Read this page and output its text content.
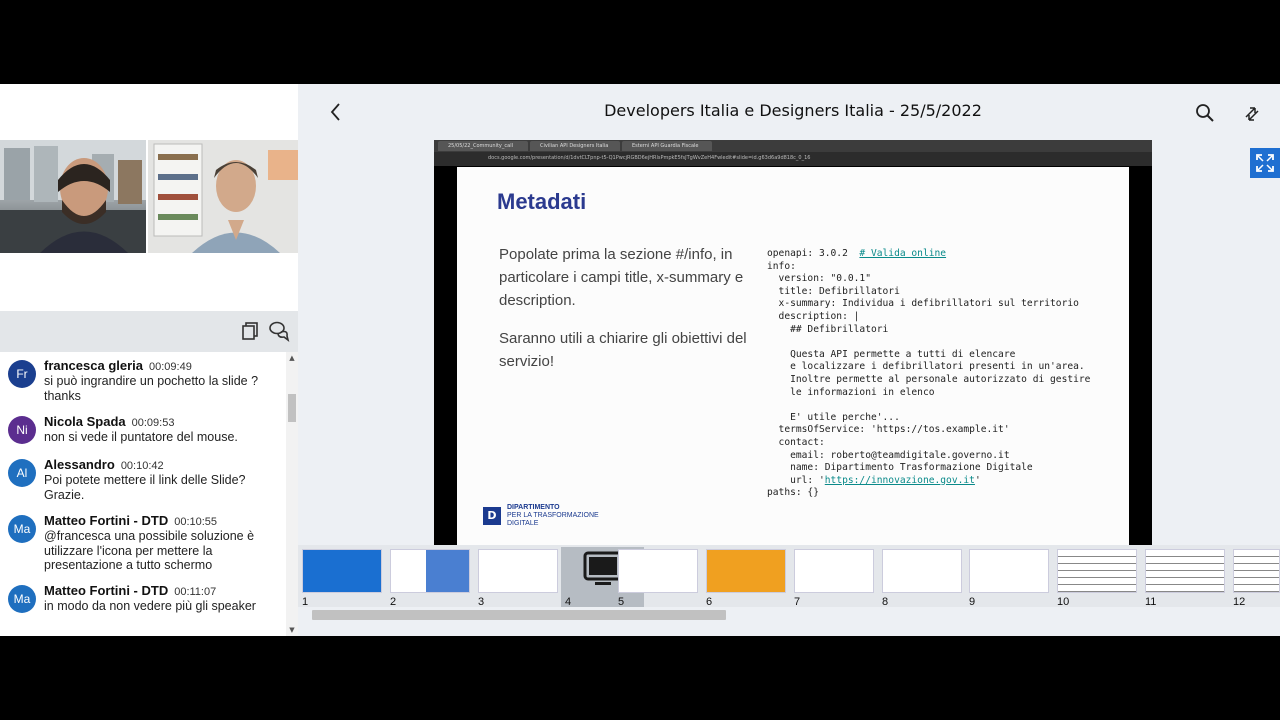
Fr
francesca gleria 00:09:49
si può ingrandire un pochetto la slide ? thanks
Ni
Nicola Spada 00:09:53
non si vede il puntatore del mouse.
Al
Alessandro 00:10:42
Poi potete mettere il link delle Slide? Grazie.
Ma
Matteo Fortini - DTD 00:10:55
@francesca una possibile soluzione è utilizzare l'icona per mettere la presentazione a tutto schermo
Ma
Matteo Fortini - DTD 00:11:07
in modo da non vedere più gli speaker
▲
▼
Developers Italia e Designers Italia - 25/5/2022
25/05/22_Community_call	Civilian API Designers Italia	Esterni API Guardia Fiscale
docs.google.com/presentation/d/1dvtCLTpnp-t5-Q1PwcjRGBD6ejHRlsPmpkE5fsJTgWvZeH4Fwledit#slide=id.g63d6a9d818c_0_16
Metadati
Popolate prima la sezione #/info, in particolare i campi title, x-summary e description.
Saranno utili a chiarire gli obiettivi del servizio!
openapi: 3.0.2  # Valida online
info:
version: "0.0.1"
title: Defibrillatori
x-summary: Individua i defibrillatori sul territorio
description: |
## Defibrillatori

Questa API permette a tutti di elencare
e localizzare i defibrillatori presenti in un'area.
Inoltre permette al personale autorizzato di gestire
le informazioni in elenco

E' utile perche'...
termsOfService: 'https://tos.example.it'
contact:
email: roberto@teamdigitale.governo.it
name: Dipartimento Trasformazione Digitale
url: 'https://innovazione.gov.it'
paths: {}
D
DIPARTIMENTO
PER LA TRASFORMAZIONE
DIGITALE
1	2	3	4	5	6	7	8	9	10	11	12
